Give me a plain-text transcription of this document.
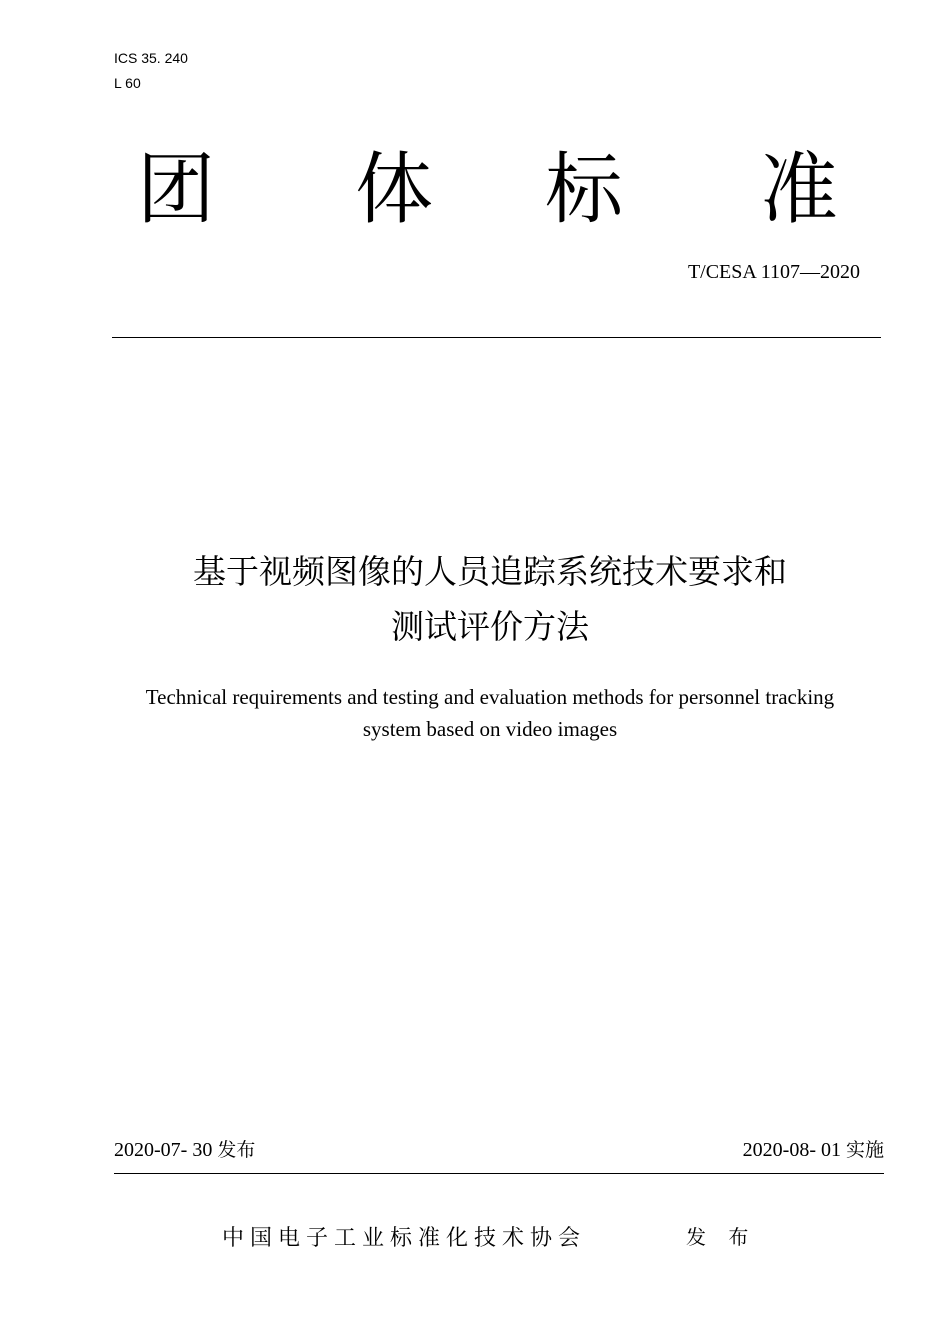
ICS 35. 240
L 60
团 体 标 准
T/CESA 1107—2020
基于视频图像的人员追踪系统技术要求和
测试评价方法
Technical requirements and testing and evaluation methods for personnel tracking
system based on video images
2020-07- 30 发布	2020-08- 01 实施
中国电子工业标准化技术协会	发 布
